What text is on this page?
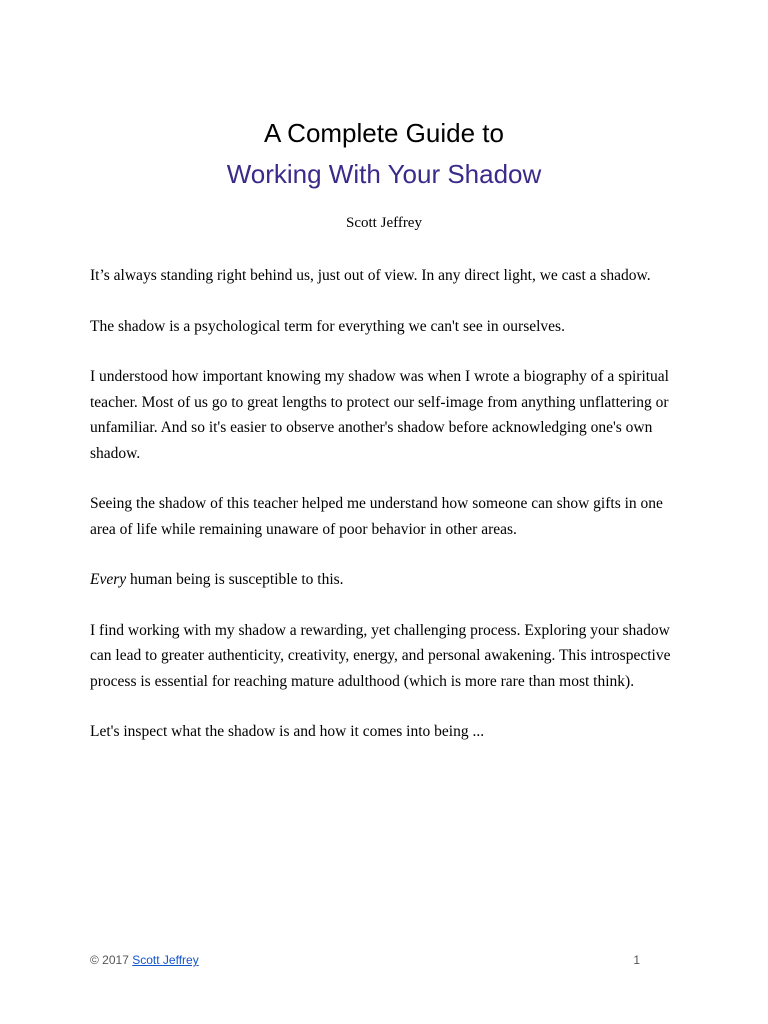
A Complete Guide to
Working With Your Shadow
Scott Jeffrey

It’s always standing right behind us, just out of view. In any direct light, we cast a shadow.

The shadow is a psychological term for everything we can't see in ourselves.

I understood how important knowing my shadow was when I wrote a biography of a spiritual teacher. Most of us go to great lengths to protect our self-image from anything unflattering or unfamiliar. And so it's easier to observe another's shadow before acknowledging one's own shadow.

Seeing the shadow of this teacher helped me understand how someone can show gifts in one area of life while remaining unaware of poor behavior in other areas.

Every human being is susceptible to this.

I find working with my shadow a rewarding, yet challenging process. Exploring your shadow can lead to greater authenticity, creativity, energy, and personal awakening. This introspective process is essential for reaching mature adulthood (which is more rare than most think).

Let's inspect what the shadow is and how it comes into being ...

© 2017 Scott Jeffrey	1
